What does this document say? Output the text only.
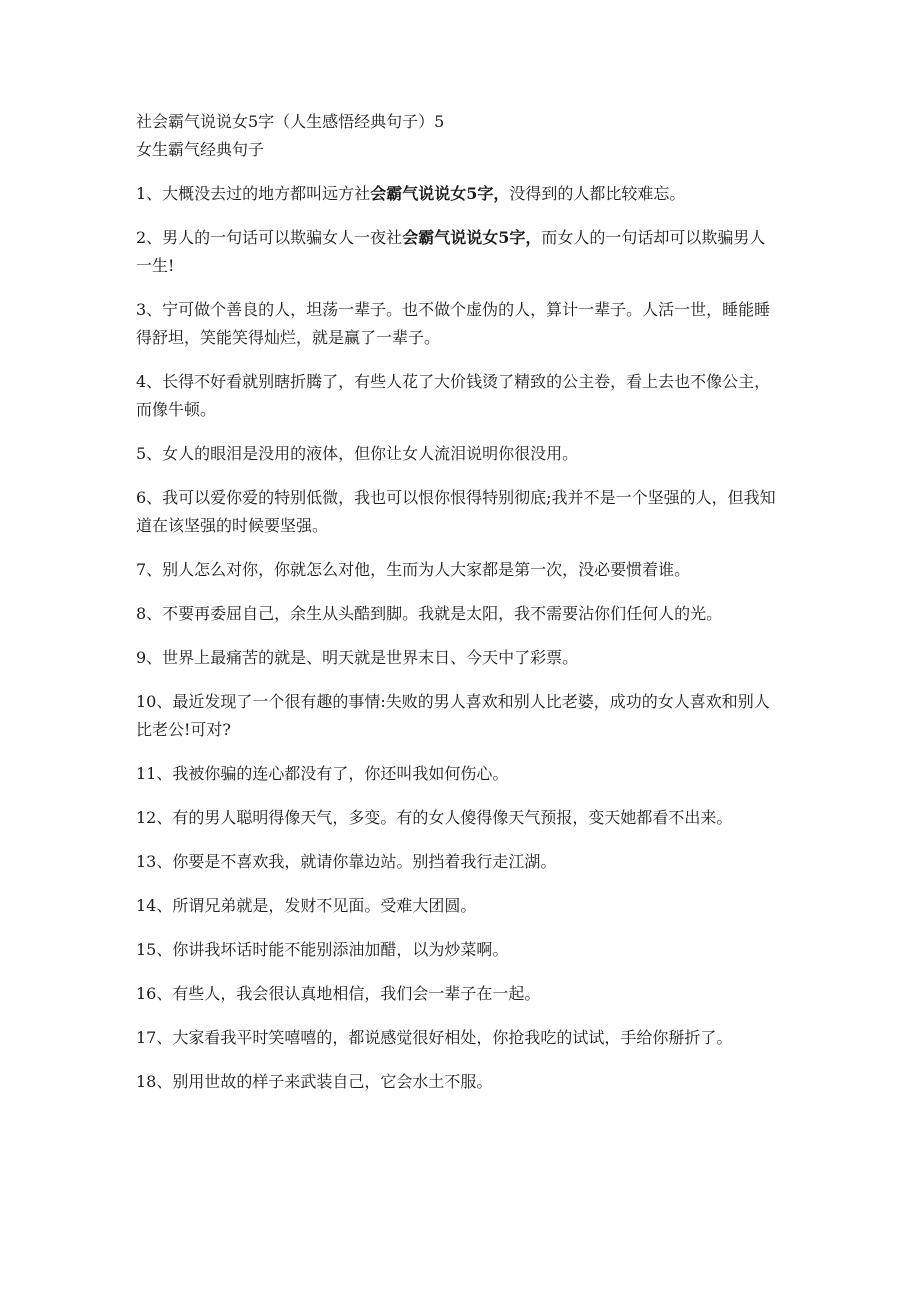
社会霸气说说女5字（人生感悟经典句子）5

女生霸气经典句子

1、大概没去过的地方都叫远方社会霸气说说女5字，没得到的人都比较难忘。

2、男人的一句话可以欺骗女人一夜社会霸气说说女5字，而女人的一句话却可以欺骗男人一生!

3、宁可做个善良的人，坦荡一辈子。也不做个虚伪的人，算计一辈子。人活一世，睡能睡得舒坦，笑能笑得灿烂，就是赢了一辈子。

4、长得不好看就别瞎折腾了，有些人花了大价钱烫了精致的公主卷，看上去也不像公主，而像牛顿。

5、女人的眼泪是没用的液体，但你让女人流泪说明你很没用。

6、我可以爱你爱的特别低微，我也可以恨你恨得特别彻底;我并不是一个坚强的人，但我知道在该坚强的时候要坚强。

7、别人怎么对你，你就怎么对他，生而为人大家都是第一次，没必要惯着谁。

8、不要再委屈自己，余生从头酷到脚。我就是太阳，我不需要沾你们任何人的光。

9、世界上最痛苦的就是、明天就是世界末日、今天中了彩票。

10、最近发现了一个很有趣的事情:失败的男人喜欢和别人比老婆，成功的女人喜欢和别人比老公!可对?

11、我被你骗的连心都没有了，你还叫我如何伤心。

12、有的男人聪明得像天气，多变。有的女人傻得像天气预报，变天她都看不出来。

13、你要是不喜欢我，就请你靠边站。别挡着我行走江湖。

14、所谓兄弟就是，发财不见面。受难大团圆。

15、你讲我坏话时能不能别添油加醋，以为炒菜啊。

16、有些人，我会很认真地相信，我们会一辈子在一起。

17、大家看我平时笑嘻嘻的，都说感觉很好相处，你抢我吃的试试，手给你掰折了。

18、别用世故的样子来武装自己，它会水土不服。
